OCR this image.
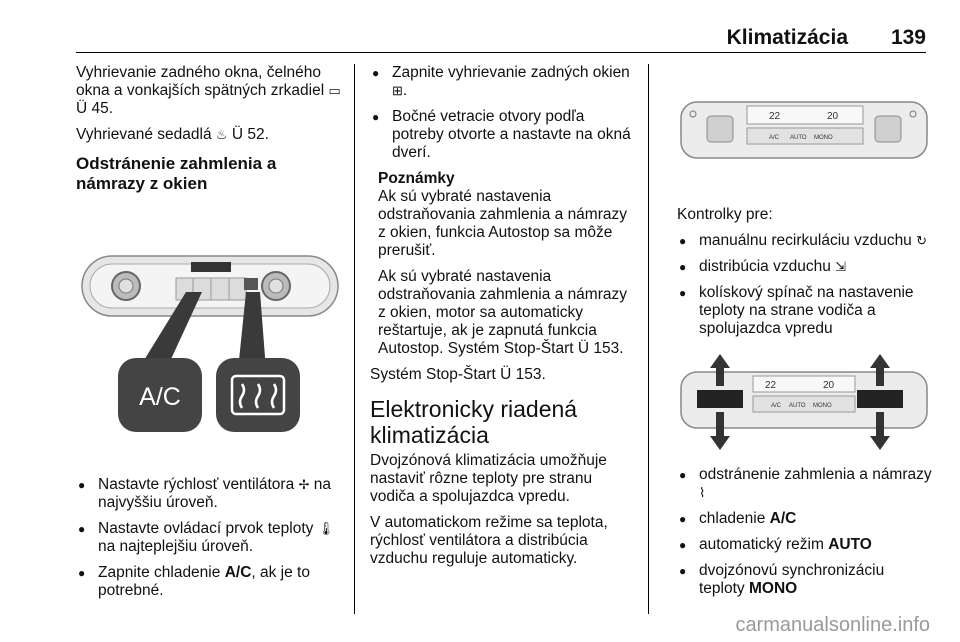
Klimatizácia 139

Vyhrievanie zadného okna, čelného okna a vonkajších spätných zrkadiel ▭ Ü 45.

Vyhrievané sedadlá ♨ Ü 52.

Odstránenie zahmlenia a námrazy z okien
A/C
● Nastavte rýchlosť ventilátora ✢ na najvyššiu úroveň.
● Nastavte ovládací prvok teploty 🌡 na najteplejšiu úroveň.
● Zapnite chladenie A/C, ak je to potrebné.
● Zapnite vyhrievanie zadných okien ⊞.
● Bočné vetracie otvory podľa potreby otvorte a nastavte na okná dverí.
Poznámky

Ak sú vybraté nastavenia odstraňovania zahmlenia a námrazy z okien, funkcia Autostop sa môže prerušiť.

Ak sú vybraté nastavenia odstraňovania zahmlenia a námrazy z okien, motor sa automaticky reštartuje, ak je zapnutá funkcia Autostop. Systém Stop-Štart Ü 153.

Systém Stop-Štart Ü 153.

Elektronicky riadená klimatizácia

Dvojzónová klimatizácia umožňuje nastaviť rôzne teploty pre stranu vodiča a spolujazdca vpredu.

V automatickom režime sa teplota, rýchlosť ventilátora a distribúcia vzduchu reguluje automaticky.

22	20
A/C AUTO MONO

Kontrolky pre:

● manuálnu recirkuláciu vzduchu ↻
● distribúcia vzduchu ⇲
● kolískový spínač na nastavenie teploty na strane vodiča a spolujazdca vpredu
22	20
A/C AUTO MONO
● odstránenie zahmlenia a námrazy ⌇
● chladenie A/C
● automatický režim AUTO
● dvojzónovú synchronizáciu teploty MONO
carmanualsonline.info
